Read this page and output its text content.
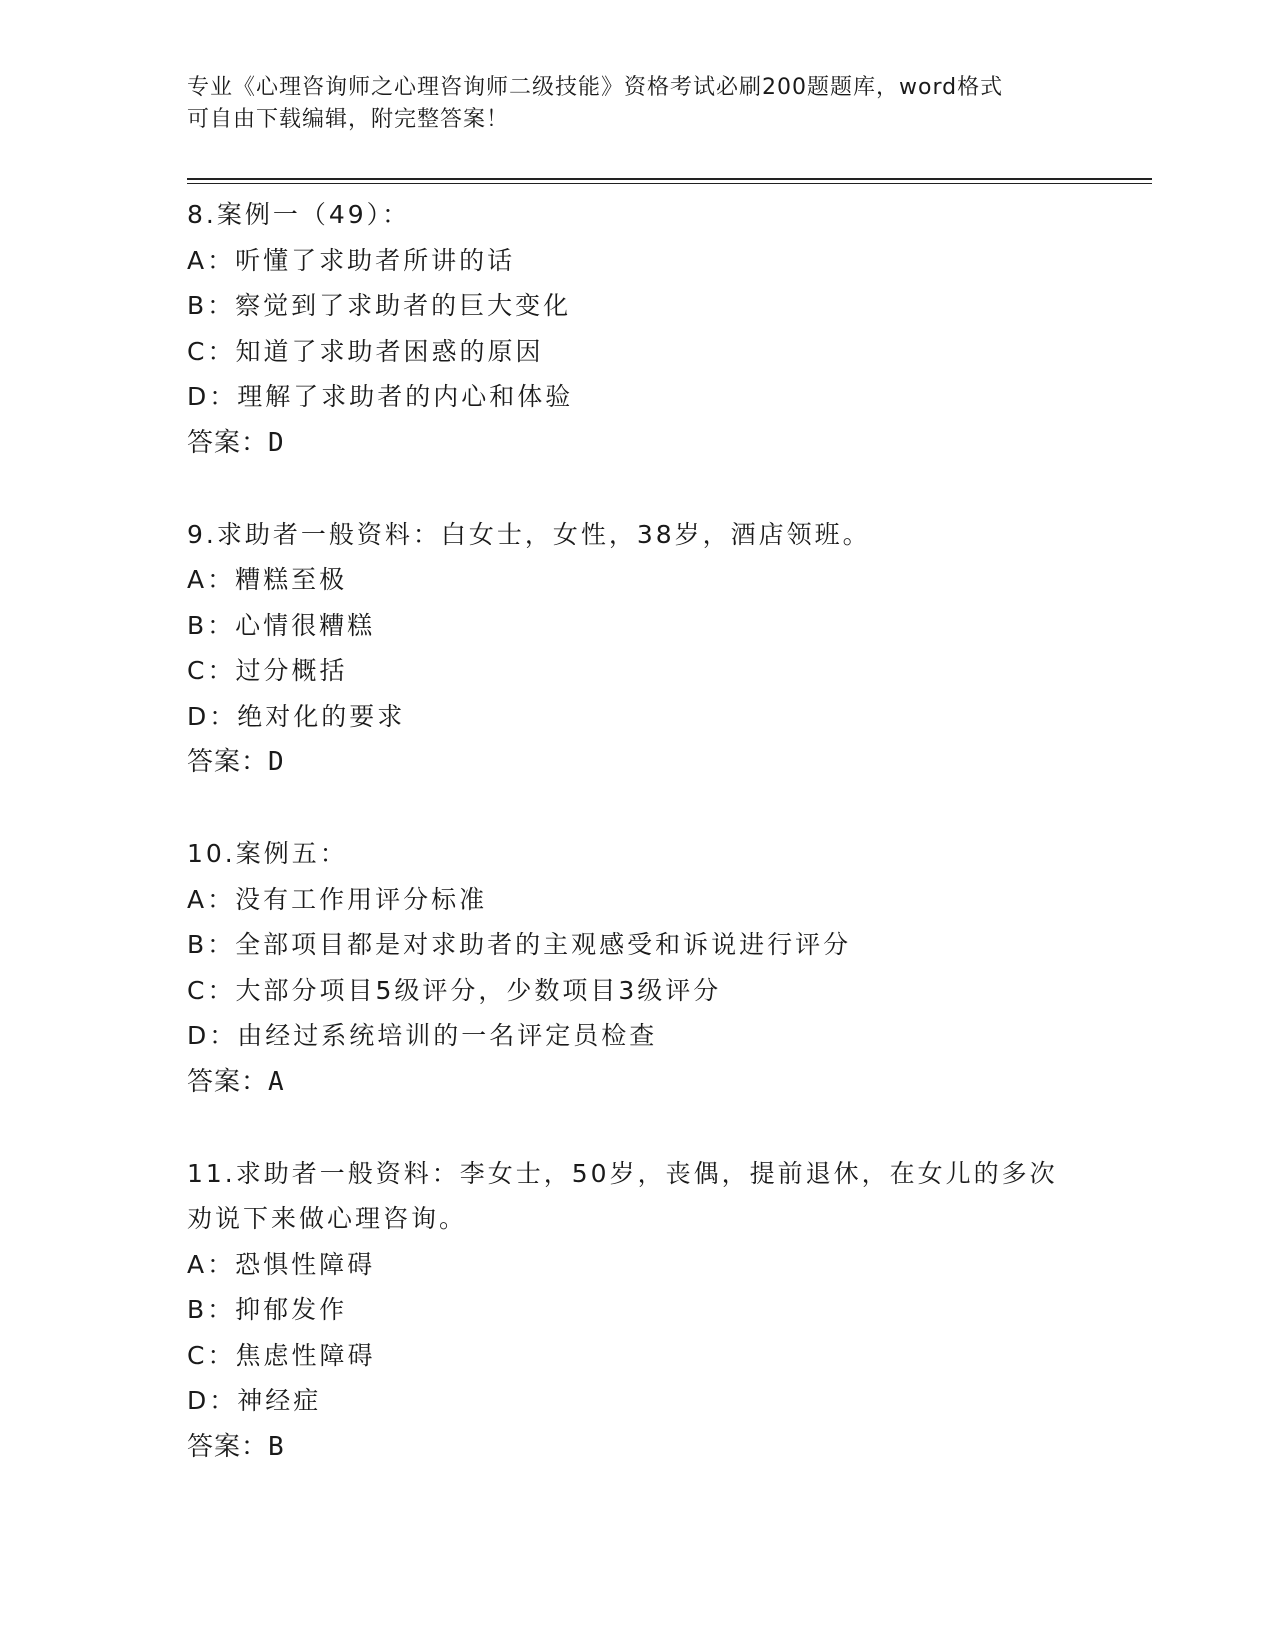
专业《心理咨询师之心理咨询师二级技能》资格考试必刷200题题库，word格式
可自由下载编辑，附完整答案！
8.案例一（49）：
A：听懂了求助者所讲的话
B：察觉到了求助者的巨大变化
C：知道了求助者困惑的原因
D：理解了求助者的内心和体验
答案：D
9.求助者一般资料：白女士，女性，38岁，酒店领班。
A：糟糕至极
B：心情很糟糕
C：过分概括
D：绝对化的要求
答案：D
10.案例五：
A：没有工作用评分标准
B：全部项目都是对求助者的主观感受和诉说进行评分
C：大部分项目5级评分，少数项目3级评分
D：由经过系统培训的一名评定员检查
答案：A
11.求助者一般资料：李女士，50岁，丧偶，提前退休，在女儿的多次劝说下来做心理咨询。
A：恐惧性障碍
B：抑郁发作
C：焦虑性障碍
D：神经症
答案：B
